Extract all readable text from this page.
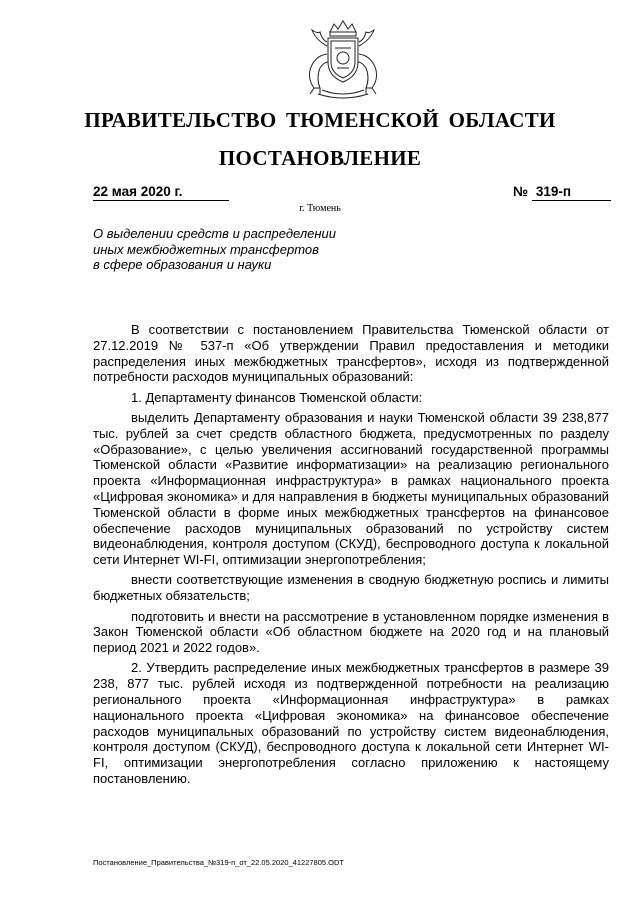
ПРАВИТЕЛЬСТВО ТЮМЕНСКОЙ ОБЛАСТИ
ПОСТАНОВЛЕНИЕ
22 мая 2020 г.	№ 319-п
г. Тюмень
О выделении средств и распределении
иных межбюджетных трансфертов
в сфере образования и науки

В соответствии с постановлением Правительства Тюменской области от 27.12.2019 № 537-п «Об утверждении Правил предоставления и методики распределения иных межбюджетных трансфертов», исходя из подтвержденной потребности расходов муниципальных образований:

1. Департаменту финансов Тюменской области:

выделить Департаменту образования и науки Тюменской области 39 238,877 тыс. рублей за счет средств областного бюджета, предусмотренных по разделу «Образование», с целью увеличения ассигнований государственной программы Тюменской области «Развитие информатизации» на реализацию регионального проекта «Информационная инфраструктура» в рамках национального проекта «Цифровая экономика» и для направления в бюджеты муниципальных образований Тюменской области в форме иных межбюджетных трансфертов на финансовое обеспечение расходов муниципальных образований по устройству систем видеонаблюдения, контроля доступом (СКУД), беспроводного доступа к локальной сети Интернет WI-FI, оптимизации энергопотребления;

внести соответствующие изменения в сводную бюджетную роспись и лимиты бюджетных обязательств;

подготовить и внести на рассмотрение в установленном порядке изменения в Закон Тюменской области «Об областном бюджете на 2020 год и на плановый период 2021 и 2022 годов».

2. Утвердить распределение иных межбюджетных трансфертов в размере 39 238, 877 тыс. рублей исходя из подтвержденной потребности на реализацию регионального проекта «Информационная инфраструктура» в рамках национального проекта «Цифровая экономика» на финансовое обеспечение расходов муниципальных образований по устройству систем видеонаблюдения, контроля доступом (СКУД), беспроводного доступа к локальной сети Интернет WI-FI, оптимизации энергопотребления согласно приложению к настоящему постановлению.

Постановление_Правительства_№319-п_от_22.05.2020_41227805.ODT
